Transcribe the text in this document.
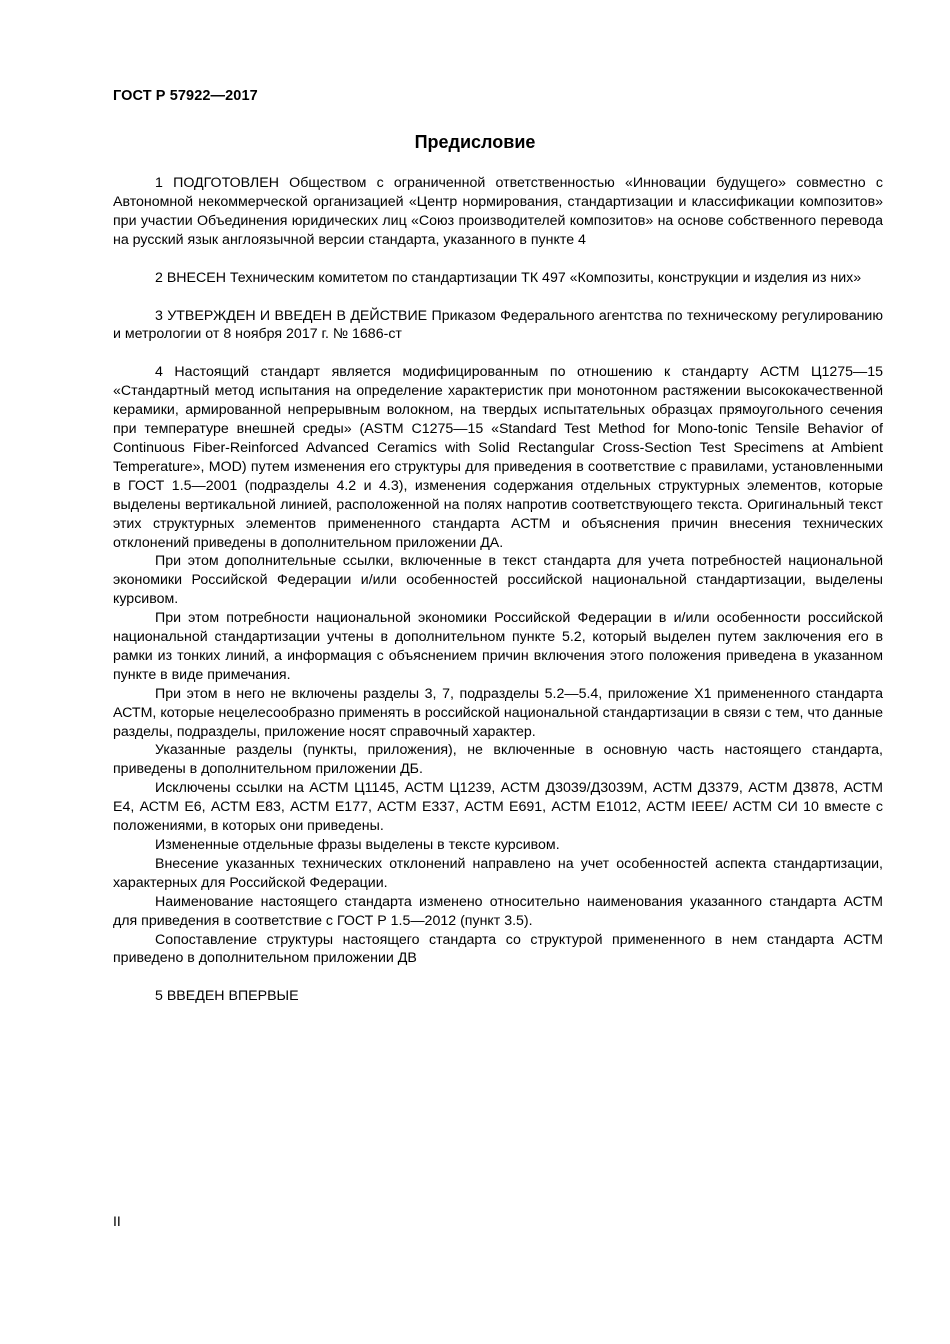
ГОСТ Р 57922—2017
Предисловие

1 ПОДГОТОВЛЕН Обществом с ограниченной ответственностью «Инновации будущего» совместно с Автономной некоммерческой организацией «Центр нормирования, стандартизации и классификации композитов» при участии Объединения юридических лиц «Союз производителей композитов» на основе собственного перевода на русский язык англоязычной версии стандарта, указанного в пункте 4

2 ВНЕСЕН Техническим комитетом по стандартизации ТК 497 «Композиты, конструкции и изделия из них»

3 УТВЕРЖДЕН И ВВЕДЕН В ДЕЙСТВИЕ Приказом Федерального агентства по техническому регулированию и метрологии от 8 ноября 2017 г. № 1686-ст

4 Настоящий стандарт является модифицированным по отношению к стандарту АСТМ Ц1275—15 «Стандартный метод испытания на определение характеристик при монотонном растяжении высококачественной керамики, армированной непрерывным волокном, на твердых испытательных образцах прямоугольного сечения при температуре внешней среды» (ASTM C1275—15 «Standard Test Method for Mono-tonic Tensile Behavior of Continuous Fiber-Reinforced Advanced Ceramics with Solid Rectangular Cross-Section Test Specimens at Ambient Temperature», MOD) путем изменения его структуры для приведения в соответствие с правилами, установленными в ГОСТ 1.5—2001 (подразделы 4.2 и 4.3), изменения содержания отдельных структурных элементов, которые выделены вертикальной линией, расположенной на полях напротив соответствующего текста. Оригинальный текст этих структурных элементов примененного стандарта АСТМ и объяснения причин внесения технических отклонений приведены в дополнительном приложении ДА.

При этом дополнительные ссылки, включенные в текст стандарта для учета потребностей национальной экономики Российской Федерации и/или особенностей российской национальной стандартизации, выделены курсивом.

При этом потребности национальной экономики Российской Федерации в и/или особенности российской национальной стандартизации учтены в дополнительном пункте 5.2, который выделен путем заключения его в рамки из тонких линий, а информация с объяснением причин включения этого положения приведена в указанном пункте в виде примечания.

При этом в него не включены разделы 3, 7, подразделы 5.2—5.4, приложение X1 примененного стандарта АСТМ, которые нецелесообразно применять в российской национальной стандартизации в связи с тем, что данные разделы, подразделы, приложение носят справочный характер.

Указанные разделы (пункты, приложения), не включенные в основную часть настоящего стандарта, приведены в дополнительном приложении ДБ.

Исключены ссылки на АСТМ Ц1145, АСТМ Ц1239, АСТМ Д3039/Д3039М, АСТМ Д3379, АСТМ Д3878, АСТМ Е4, АСТМ Е6, АСТМ Е83, АСТМ Е177, АСТМ Е337, АСТМ Е691, АСТМ Е1012, АСТМ IEEE/ АСТМ СИ 10 вместе с положениями, в которых они приведены.

Измененные отдельные фразы выделены в тексте курсивом.

Внесение указанных технических отклонений направлено на учет особенностей аспекта стандартизации, характерных для Российской Федерации.

Наименование настоящего стандарта изменено относительно наименования указанного стандарта АСТМ для приведения в соответствие с ГОСТ Р 1.5—2012 (пункт 3.5).

Сопоставление структуры настоящего стандарта со структурой примененного в нем стандарта АСТМ приведено в дополнительном приложении ДВ

5 ВВЕДЕН ВПЕРВЫЕ

II
